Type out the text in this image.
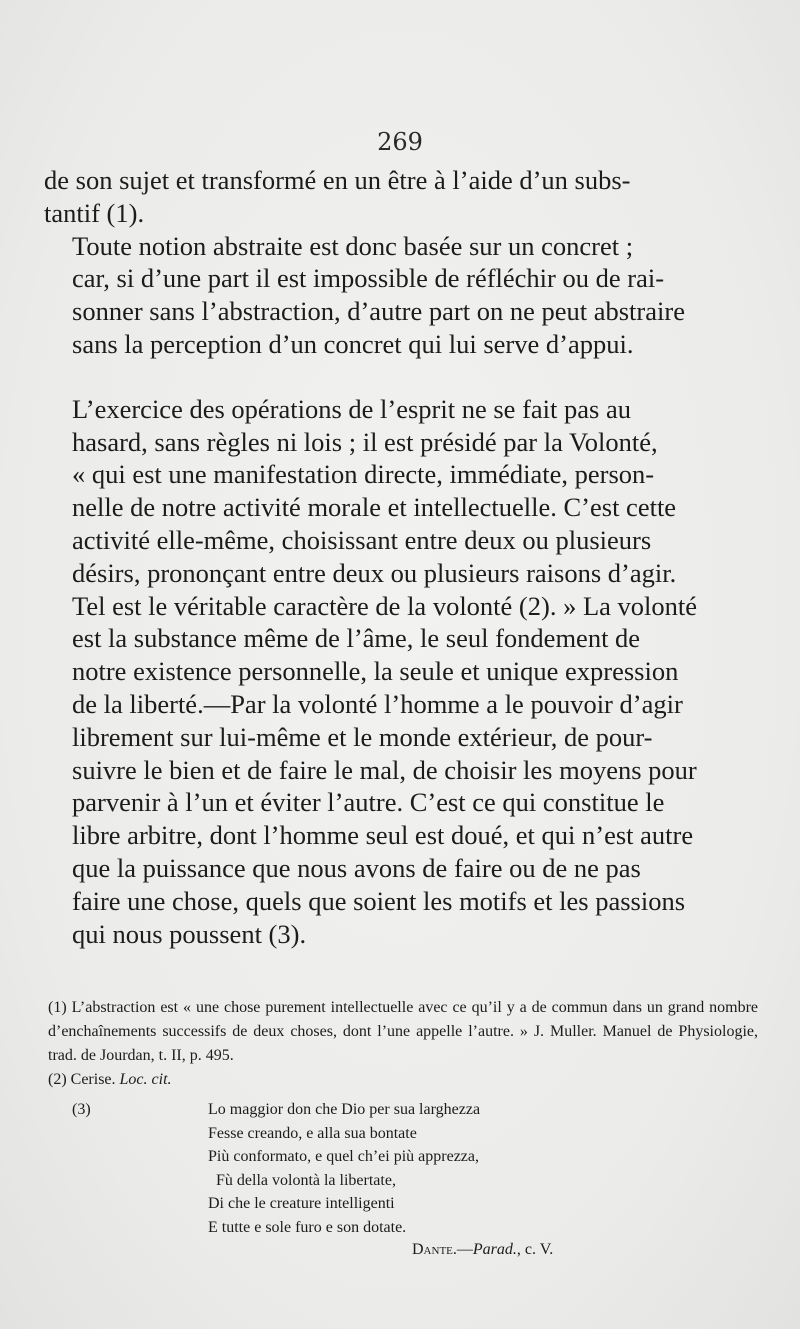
269

de son sujet et transformé en un être à l’aide d’un subs-
tantif (1).

Toute notion abstraite est donc basée sur un concret ;
car, si d’une part il est impossible de réfléchir ou de rai-
sonner sans l’abstraction, d’autre part on ne peut abstraire
sans la perception d’un concret qui lui serve d’appui.

L’exercice des opérations de l’esprit ne se fait pas au
hasard, sans règles ni lois ; il est présidé par la Volonté,
« qui est une manifestation directe, immédiate, person-
nelle de notre activité morale et intellectuelle. C’est cette
activité elle-même, choisissant entre deux ou plusieurs
désirs, prononçant entre deux ou plusieurs raisons d’agir.
Tel est le véritable caractère de la volonté (2). » La volonté
est la substance même de l’âme, le seul fondement de
notre existence personnelle, la seule et unique expression
de la liberté.—Par la volonté l’homme a le pouvoir d’agir
librement sur lui-même et le monde extérieur, de pour-
suivre le bien et de faire le mal, de choisir les moyens pour
parvenir à l’un et éviter l’autre. C’est ce qui constitue le
libre arbitre, dont l’homme seul est doué, et qui n’est autre
que la puissance que nous avons de faire ou de ne pas
faire une chose, quels que soient les motifs et les passions
qui nous poussent (3).

(1) L’abstraction est « une chose purement intellectuelle avec ce qu’il y a de commun dans un grand nombre d’enchaînements successifs de deux choses, dont l’une appelle l’autre. » J. Muller. Manuel de Physiologie, trad. de Jourdan, t. II, p. 495.

(2) Cerise. Loc. cit.

(3)	Lo maggior don che Dio per sua larghezza
Fesse creando, e alla sua bontate
Più conformato, e quel ch’ei più apprezza,
Fù della volontà la libertate,
Di che le creature intelligenti
E tutte e sole furo e son dotate.
Dante.—Parad., c. V.
